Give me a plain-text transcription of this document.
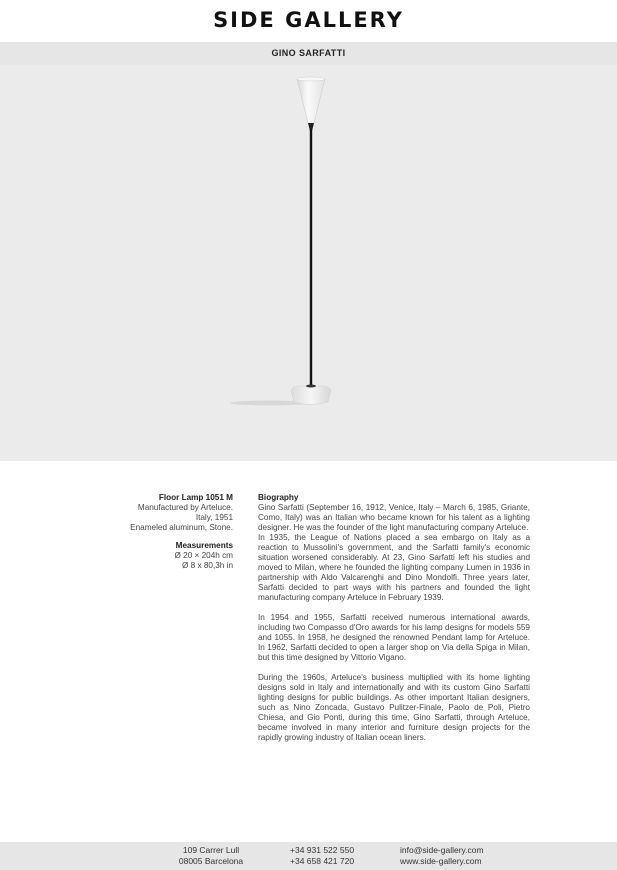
SIDE GALLERY
GINO SARFATTI
Floor Lamp 1051 M
Manufactured by Arteluce.
Italy, 1951
Enameled aluminum, Stone.
Measurements
Ø 20 × 204h cm
Ø 8 x 80,3h in
Biography
Gino Sarfatti (September 16, 1912, Venice, Italy – March 6, 1985, Griante, Como, Italy) was an Italian who became known for his talent as a lighting designer. He was the founder of the light manufacturing company Arteluce.

In 1935, the League of Nations placed a sea embargo on Italy as a reaction to Mussolini's government, and the Sarfatti family's economic situation worsened considerably. At 23, Gino Sarfatti left his studies and moved to Milan, where he founded the lighting company Lumen in 1936 in partnership with Aldo Valcarenghi and Dino Mondolfi. Three years later, Sarfatti decided to part ways with his partners and founded the light manufacturing company Arteluce in February 1939.

In 1954 and 1955, Sarfatti received numerous international awards, including two Compasso d'Oro awards for his lamp designs for models 559 and 1055. In 1958, he designed the renowned Pendant lamp for Arteluce. In 1962, Sarfatti decided to open a larger shop on Via della Spiga in Milan, but this time designed by Vittorio Vigano.

During the 1960s, Arteluce's business multiplied with its home lighting designs sold in Italy and internationally and with its custom Gino Sarfatti lighting designs for public buildings. As other important Italian designers, such as Nino Zoncada, Gustavo Pulitzer-Finale, Paolo de Poli, Pietro Chiesa, and Gio Ponti, during this time, Gino Sarfatti, through Arteluce, became involved in many interior and furniture design projects for the rapidly growing industry of Italian ocean liners.

109 Carrer Lull
08005 Barcelona
+34 931 522 550
+34 658 421 720
info@side-gallery.com
www.side-gallery.com
